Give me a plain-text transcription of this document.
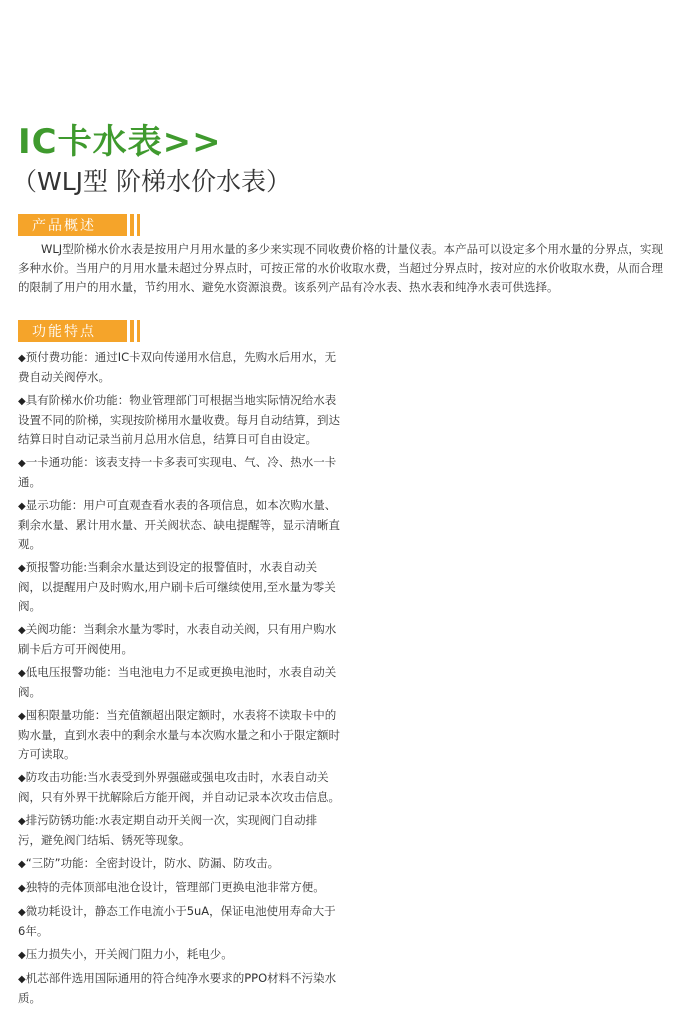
IC卡水表>>
（WLJ型 阶梯水价水表）
产品概述
WLJ型阶梯水价水表是按用户月用水量的多少来实现不同收费价格的计量仪表。本产品可以设定多个用水量的分界点，实现多种水价。当用户的月用水量未超过分界点时，可按正常的水价收取水费，当超过分界点时，按对应的水价收取水费，从而合理的限制了用户的用水量，节约用水、避免水资源浪费。该系列产品有冷水表、热水表和纯净水表可供选择。
功能特点
◆预付费功能：通过IC卡双向传递用水信息，先购水后用水，无费自动关阀停水。
◆具有阶梯水价功能：物业管理部门可根据当地实际情况给水表设置不同的阶梯，实现按阶梯用水量收费。每月自动结算，到达结算日时自动记录当前月总用水信息，结算日可自由设定。
◆一卡通功能：该表支持一卡多表可实现电、气、冷、热水一卡通。
◆显示功能：用户可直观查看水表的各项信息，如本次购水量、剩余水量、累计用水量、开关阀状态、缺电提醒等，显示清晰直观。
◆预报警功能:当剩余水量达到设定的报警值时，水表自动关阀，以提醒用户及时购水,用户刷卡后可继续使用,至水量为零关阀。
◆关阀功能：当剩余水量为零时，水表自动关阀，只有用户购水刷卡后方可开阀使用。
◆低电压报警功能：当电池电力不足或更换电池时，水表自动关阀。
◆囤积限量功能：当充值额超出限定额时，水表将不读取卡中的购水量，直到水表中的剩余水量与本次购水量之和小于限定额时方可读取。
◆防攻击功能:当水表受到外界强磁或强电攻击时，水表自动关阀，只有外界干扰解除后方能开阀，并自动记录本次攻击信息。
◆排污防锈功能:水表定期自动开关阀一次，实现阀门自动排污，避免阀门结垢、锈死等现象。
◆“三防”功能：全密封设计，防水、防漏、防攻击。
◆独特的壳体顶部电池仓设计，管理部门更换电池非常方便。
◆微功耗设计，静态工作电流小于5uA，保证电池使用寿命大于6年。
◆压力损失小，开关阀门阻力小，耗电少。
◆机芯部件选用国际通用的符合纯净水要求的PPO材料不污染水质。
